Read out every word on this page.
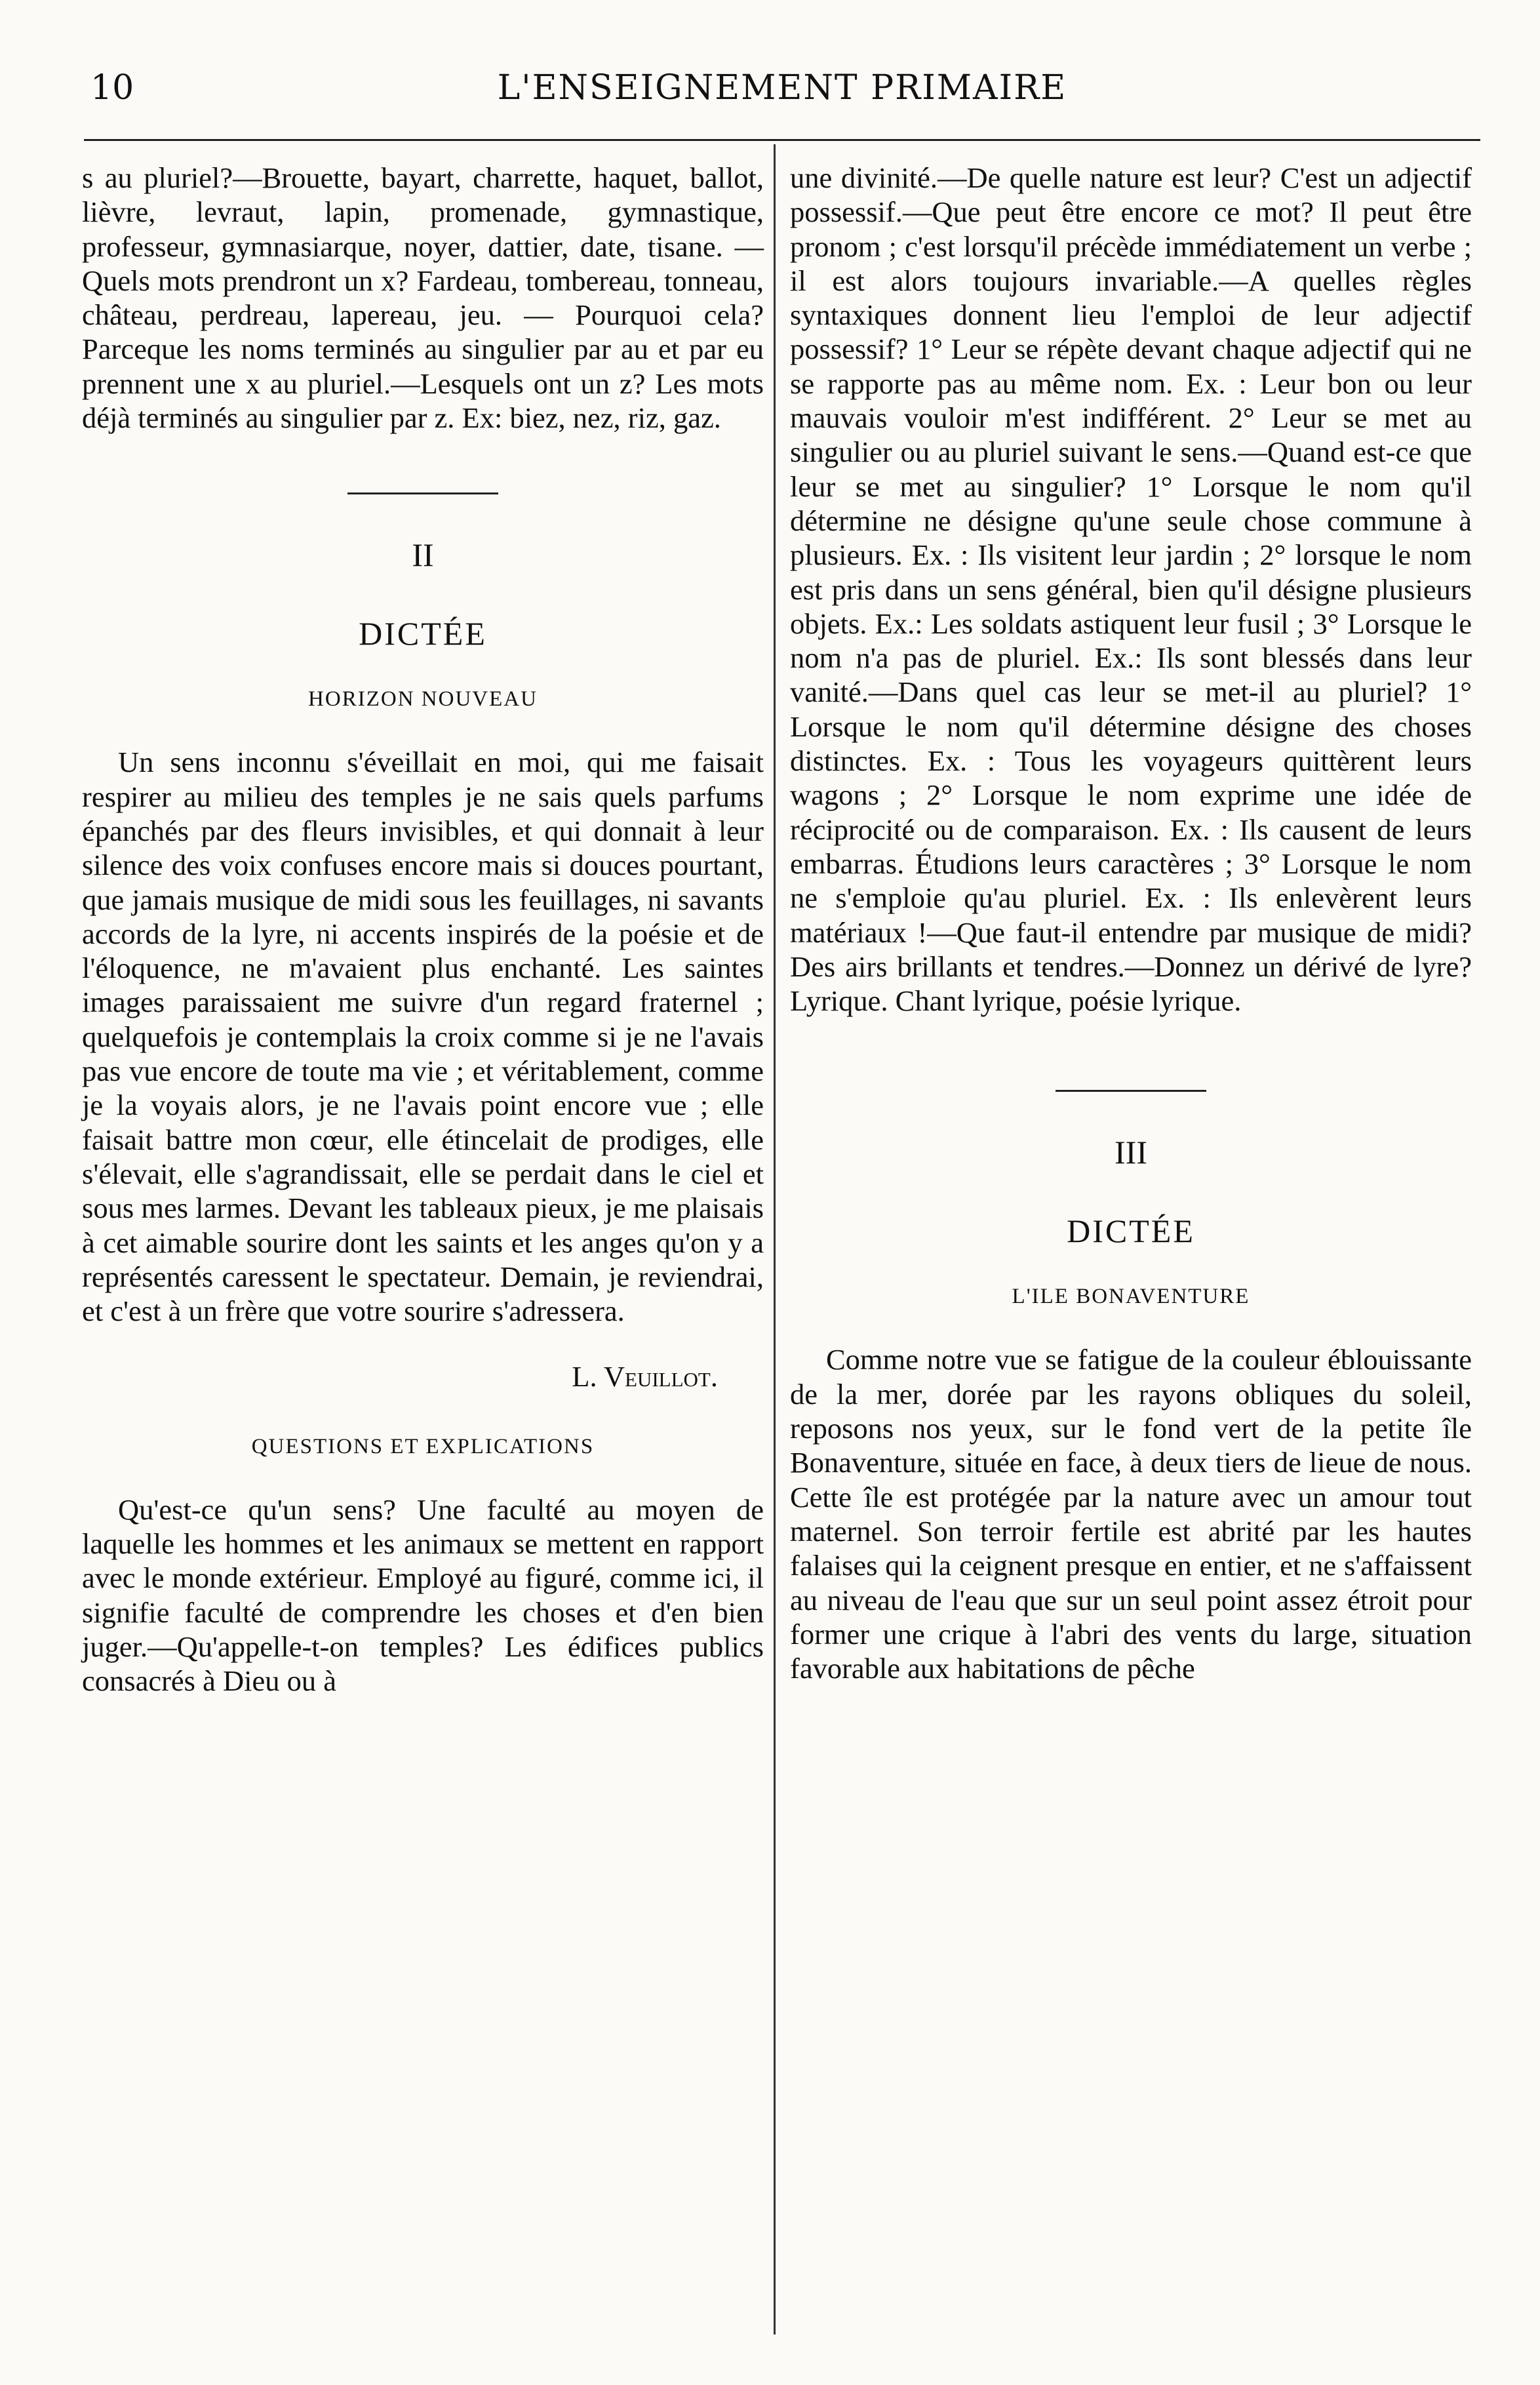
10	L'ENSEIGNEMENT PRIMAIRE

s au pluriel?—Brouette, bayart, charrette, haquet, ballot, lièvre, levraut, lapin, promenade, gymnastique, professeur, gymnasiarque, noyer, dattier, date, tisane. — Quels mots prendront un x? Fardeau, tombereau, tonneau, château, perdreau, lapereau, jeu. — Pourquoi cela? Parceque les noms terminés au singulier par au et par eu prennent une x au pluriel.—Lesquels ont un z? Les mots déjà terminés au singulier par z. Ex: biez, nez, riz, gaz.

II
DICTÉE
HORIZON NOUVEAU

Un sens inconnu s'éveillait en moi, qui me faisait respirer au milieu des temples je ne sais quels parfums épanchés par des fleurs invisibles, et qui donnait à leur silence des voix confuses encore mais si douces pourtant, que jamais musique de midi sous les feuillages, ni savants accords de la lyre, ni accents inspirés de la poésie et de l'éloquence, ne m'avaient plus enchanté. Les saintes images paraissaient me suivre d'un regard fraternel ; quelquefois je contemplais la croix comme si je ne l'avais pas vue encore de toute ma vie ; et véritablement, comme je la voyais alors, je ne l'avais point encore vue ; elle faisait battre mon cœur, elle étincelait de prodiges, elle s'élevait, elle s'agrandissait, elle se perdait dans le ciel et sous mes larmes. Devant les tableaux pieux, je me plaisais à cet aimable sourire dont les saints et les anges qu'on y a représentés caressent le spectateur. Demain, je reviendrai, et c'est à un frère que votre sourire s'adressera.

L. Veuillot.

QUESTIONS ET EXPLICATIONS

Qu'est-ce qu'un sens? Une faculté au moyen de laquelle les hommes et les animaux se mettent en rapport avec le monde extérieur. Employé au figuré, comme ici, il signifie faculté de comprendre les choses et d'en bien juger.—Qu'appelle-t-on temples? Les édifices publics consacrés à Dieu ou à

une divinité.—De quelle nature est leur? C'est un adjectif possessif.—Que peut être encore ce mot? Il peut être pronom ; c'est lorsqu'il précède immédiatement un verbe ; il est alors toujours invariable.—A quelles règles syntaxiques donnent lieu l'emploi de leur adjectif possessif? 1° Leur se répète devant chaque adjectif qui ne se rapporte pas au même nom. Ex. : Leur bon ou leur mauvais vouloir m'est indifférent. 2° Leur se met au singulier ou au pluriel suivant le sens.—Quand est-ce que leur se met au singulier? 1° Lorsque le nom qu'il détermine ne désigne qu'une seule chose commune à plusieurs. Ex. : Ils visitent leur jardin ; 2° lorsque le nom est pris dans un sens général, bien qu'il désigne plusieurs objets. Ex.: Les soldats astiquent leur fusil ; 3° Lorsque le nom n'a pas de pluriel. Ex.: Ils sont blessés dans leur vanité.—Dans quel cas leur se met-il au pluriel? 1° Lorsque le nom qu'il détermine désigne des choses distinctes. Ex. : Tous les voyageurs quittèrent leurs wagons ; 2° Lorsque le nom exprime une idée de réciprocité ou de comparaison. Ex. : Ils causent de leurs embarras. Étudions leurs caractères ; 3° Lorsque le nom ne s'emploie qu'au pluriel. Ex. : Ils enlevèrent leurs matériaux !—Que faut-il entendre par musique de midi? Des airs brillants et tendres.—Donnez un dérivé de lyre? Lyrique. Chant lyrique, poésie lyrique.

III
DICTÉE
L'ILE BONAVENTURE

Comme notre vue se fatigue de la couleur éblouissante de la mer, dorée par les rayons obliques du soleil, reposons nos yeux, sur le fond vert de la petite île Bonaventure, située en face, à deux tiers de lieue de nous. Cette île est protégée par la nature avec un amour tout maternel. Son terroir fertile est abrité par les hautes falaises qui la ceignent presque en entier, et ne s'affaissent au niveau de l'eau que sur un seul point assez étroit pour former une crique à l'abri des vents du large, situation favorable aux habitations de pêche
